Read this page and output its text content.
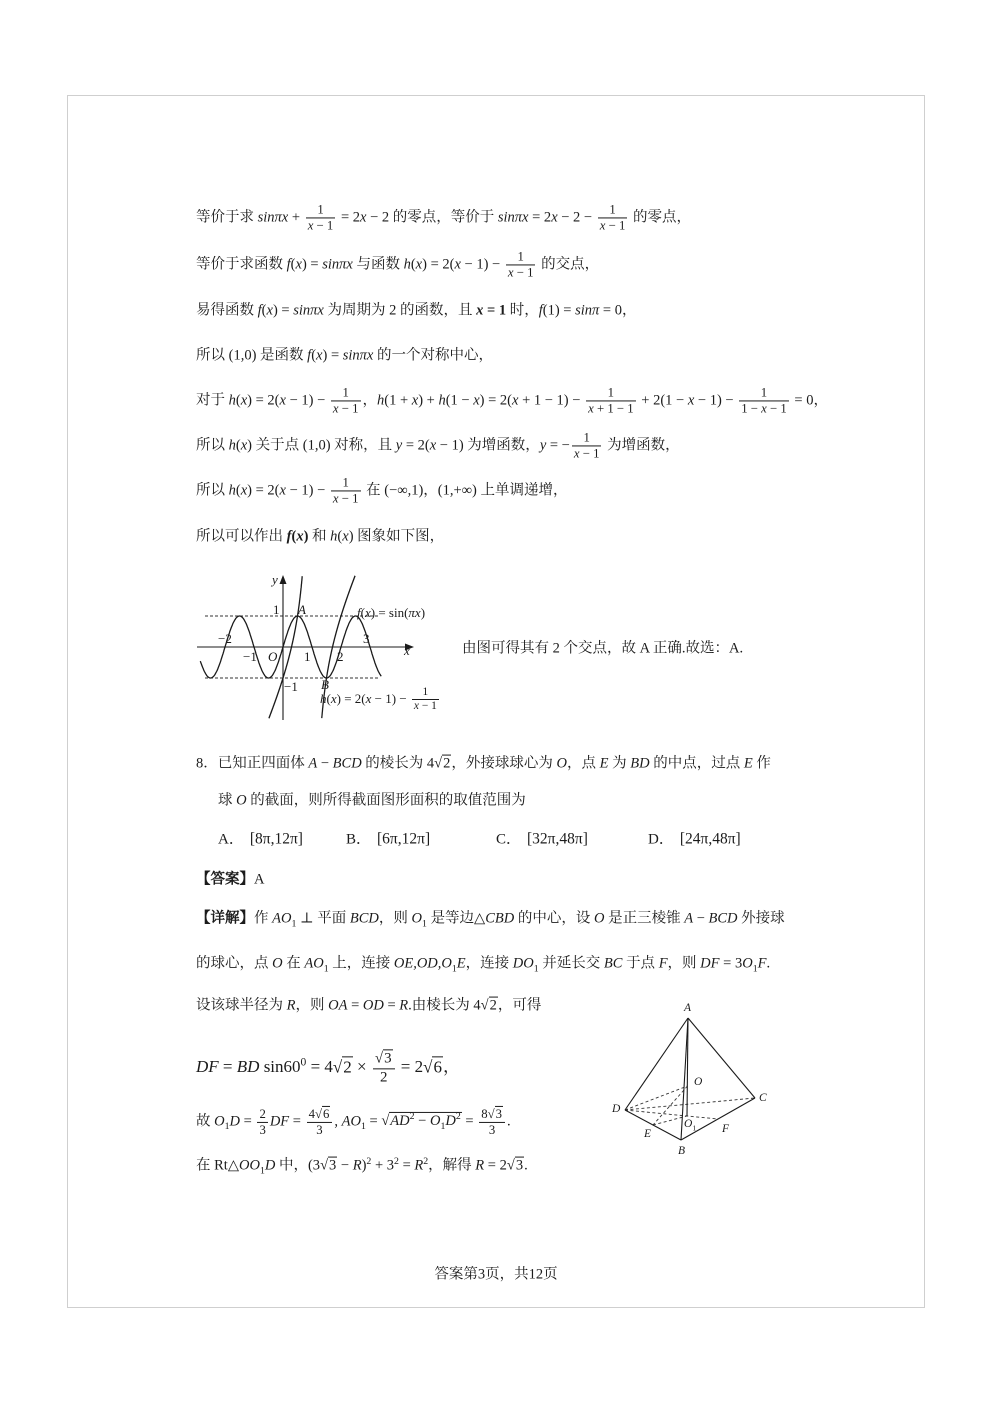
等价于求 $\sin\pi x + \frac{1}{x - 1} = 2x - 2$ 的零点，等价于 $\sin\pi x = 2x - 2 - \frac{1}{x - 1}$ 的零点，
等价于求函数 f(x) = sinπx 与函数 $h(x) = 2(x - 1) - \frac{1}{x - 1}$ 的交点，
易得函数 f(x) = sinπx 为周期为 2 的函数，且 x = 1 时，f(1) = sinπ = 0，
所以 (1,0) 是函数 f(x) = sinπx 的一个对称中心，
对于 $h(x) = 2(x - 1) - \frac{1}{x - 1}$ ，$h(1 + x) + h(1 - x) = 2(x + 1 - 1) - \frac{1}{x + 1 - 1} + 2(1 - x - 1) - \frac{1}{1 - x - 1} = 0$，
所以 h(x) 关于点 (1,0) 对称，且 y = 2(x − 1) 为增函数，y = − $\frac{1}{x - 1}$ 为增函数，
所以 $h(x) = 2(x - 1) - \frac{1}{x - 1}$ 在 (−∞,1)，(1,+∞) 上单调递增，
所以可以作出 f(x) 和 h(x) 图象如下图，
y
1 A	f(x) = sin(πx)
−2	3
−1 O 1 2	x
−1 B
$h(x) = 2(x - 1) - \frac{1}{x - 1}$
由图可得其有 2 个交点，故 A 正确.故选：A.
8．已知正四面体 A − BCD 的棱长为 4√ 2，外接球球心为 O，点 E 为 BD 的中点，过点 E 作
球 O 的截面，则所得截面图形面积的取值范围为
A． [8π,12π]	B． [6π,12π]	C． [32π,48π]	D． [24π,48π]
【答案】A
【详解】作 $AO_1$ ⊥ 平面 BCD，则 $O_1$ 是等边△CBD 的中心，设 O 是正三棱锥 A − BCD 外接球
的球心，点 O 在 $AO_1$ 上，连接 $OE,OD,O_1E$，连接 $DO_1$ 并延长交 BC 于点 F，则 DF = $3O_1F$.
设该球半径为 R，则 OA = OD = R.由棱长为 4√ 2，可得
DF = BD $\sin 60^0 = 4√$ 2 ×
√ $\frac{3}{2} = 2√$ 6，
故 $O_1D = \frac{2}{3}$ DF = $\frac{4√ 6}{3}$ , $AO_1$ = √ $AD^2 - O_1D^2 = \frac{8√ 3}{3}$ .
在 $Rt\triangle OO_1D$ 中，(3√ $3 - R)^2 + 3^2 = R^2$，解得 R = 2√ 3.
A
O
C
D
E
$O_1$ F
B
答案第3页，共12页
